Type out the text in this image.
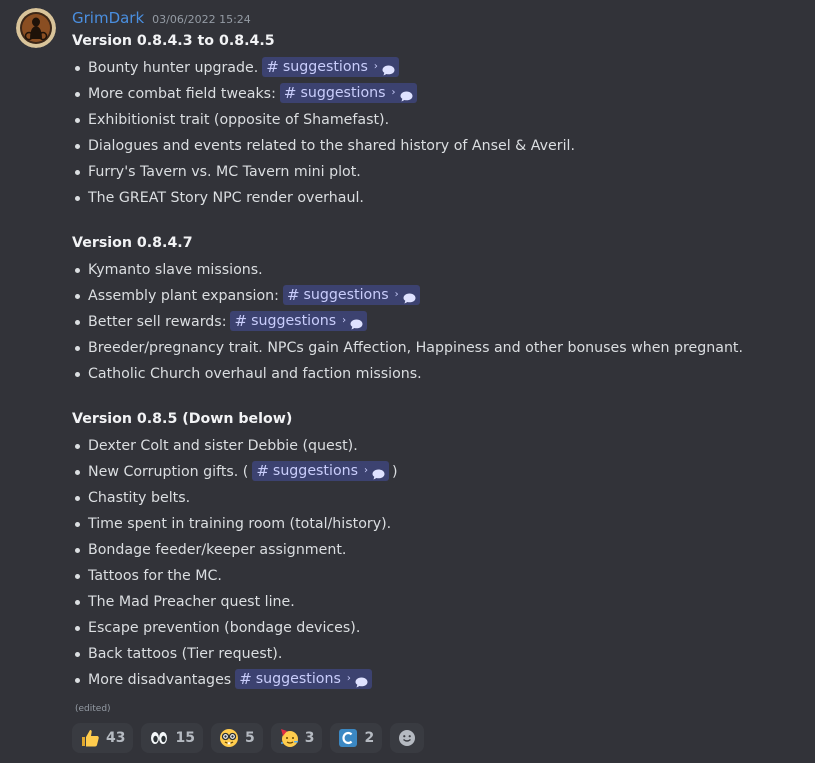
GrimDark 03/06/2022 15:24
Version 0.8.4.3 to 0.8.4.5
Bounty hunter upgrade. # suggestions ›
More combat field tweaks: # suggestions ›
Exhibitionist trait (opposite of Shamefast).
Dialogues and events related to the shared history of Ansel & Averil.
Furry's Tavern vs. MC Tavern mini plot.
The GREAT Story NPC render overhaul.
Version 0.8.4.7
Kymanto slave missions.
Assembly plant expansion: # suggestions ›
Better sell rewards: # suggestions ›
Breeder/pregnancy trait. NPCs gain Affection, Happiness and other bonuses when pregnant.
Catholic Church overhaul and faction missions.
Version 0.8.5 (Down below)
Dexter Colt and sister Debbie (quest).
New Corruption gifts. ( # suggestions › )
Chastity belts.
Time spent in training room (total/history).
Bondage feeder/keeper assignment.
Tattoos for the MC.
The Mad Preacher quest line.
Escape prevention (bondage devices).
Back tattoos (Tier request).
More disadvantages # suggestions ›
(edited)
43	15	5	3	2
